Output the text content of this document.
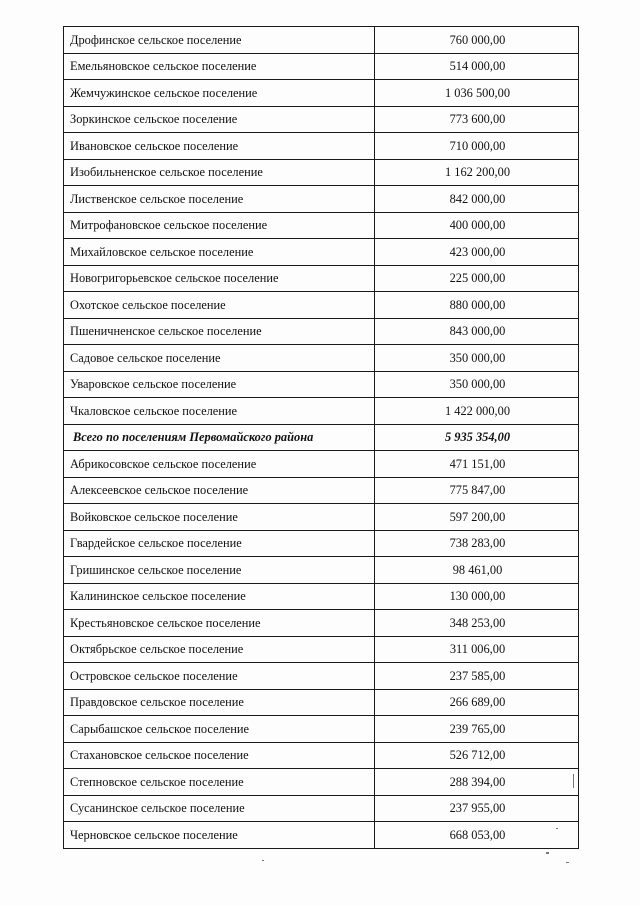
Дрофинское сельское поселение	760 000,00
Емельяновское сельское поселение	514 000,00
Жемчужинское сельское поселение	1 036 500,00
Зоркинское сельское поселение	773 600,00
Ивановское сельское поселение	710 000,00
Изобильненское сельское поселение	1 162 200,00
Лиственское сельское поселение	842 000,00
Митрофановское сельское поселение	400 000,00
Михайловское сельское поселение	423 000,00
Новогригорьевское сельское поселение	225 000,00
Охотское сельское поселение	880 000,00
Пшеничненское сельское поселение	843 000,00
Садовое сельское поселение	350 000,00
Уваровское сельское поселение	350 000,00
Чкаловское сельское поселение	1 422 000,00
Всего по поселениям Первомайского района	5 935 354,00
Абрикосовское сельское поселение	471 151,00
Алексеевское сельское поселение	775 847,00
Войковское сельское поселение	597 200,00
Гвардейское сельское поселение	738 283,00
Гришинское сельское поселение	98 461,00
Калининское сельское поселение	130 000,00
Крестьяновское сельское поселение	348 253,00
Октябрьское сельское поселение	311 006,00
Островское сельское поселение	237 585,00
Правдовское сельское поселение	266 689,00
Сарыбашское сельское поселение	239 765,00
Стахановское сельское поселение	526 712,00
Степновское сельское поселение	288 394,00
Сусанинское сельское поселение	237 955,00
Черновское сельское поселение	668 053,00
